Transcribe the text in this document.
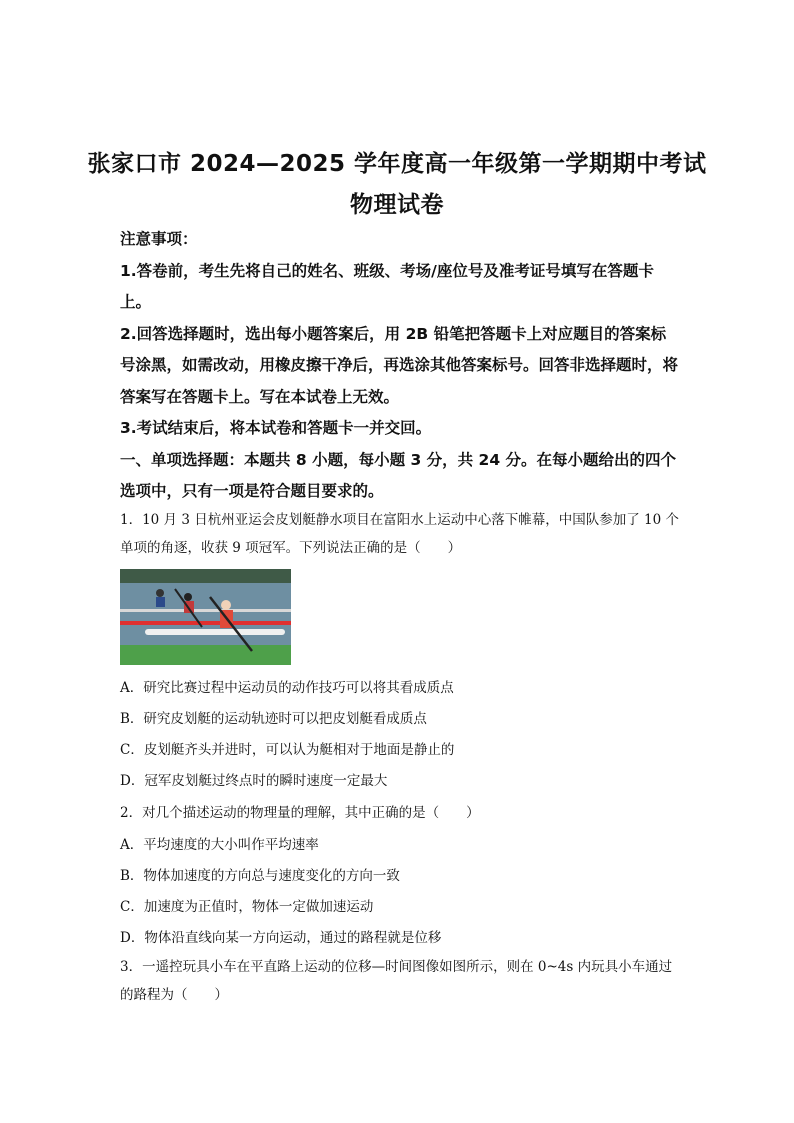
张家口市 2024—2025 学年度高一年级第一学期期中考试
物理试卷

注意事项：

1.答卷前，考生先将自己的姓名、班级、考场/座位号及准考证号填写在答题卡上。

2.回答选择题时，选出每小题答案后，用 2B 铅笔把答题卡上对应题目的答案标号涂黑，如需改动，用橡皮擦干净后，再选涂其他答案标号。回答非选择题时，将答案写在答题卡上。写在本试卷上无效。

3.考试结束后，将本试卷和答题卡一并交回。

一、单项选择题：本题共 8 小题，每小题 3 分，共 24 分。在每小题给出的四个选项中，只有一项是符合题目要求的。

1．10 月 3 日杭州亚运会皮划艇静水项目在富阳水上运动中心落下帷幕，中国队参加了 10 个单项的角逐，收获 9 项冠军。下列说法正确的是（　　）

A．研究比赛过程中运动员的动作技巧可以将其看成质点
B．研究皮划艇的运动轨迹时可以把皮划艇看成质点
C．皮划艇齐头并进时，可以认为艇相对于地面是静止的
D．冠军皮划艇过终点时的瞬时速度一定最大
2．对几个描述运动的物理量的理解，其中正确的是（　　）
A．平均速度的大小叫作平均速率
B．物体加速度的方向总与速度变化的方向一致
C．加速度为正值时，物体一定做加速运动
D．物体沿直线向某一方向运动，通过的路程就是位移

3．一遥控玩具小车在平直路上运动的位移—时间图像如图所示，则在 0~4s 内玩具小车通过的路程为（　　）
